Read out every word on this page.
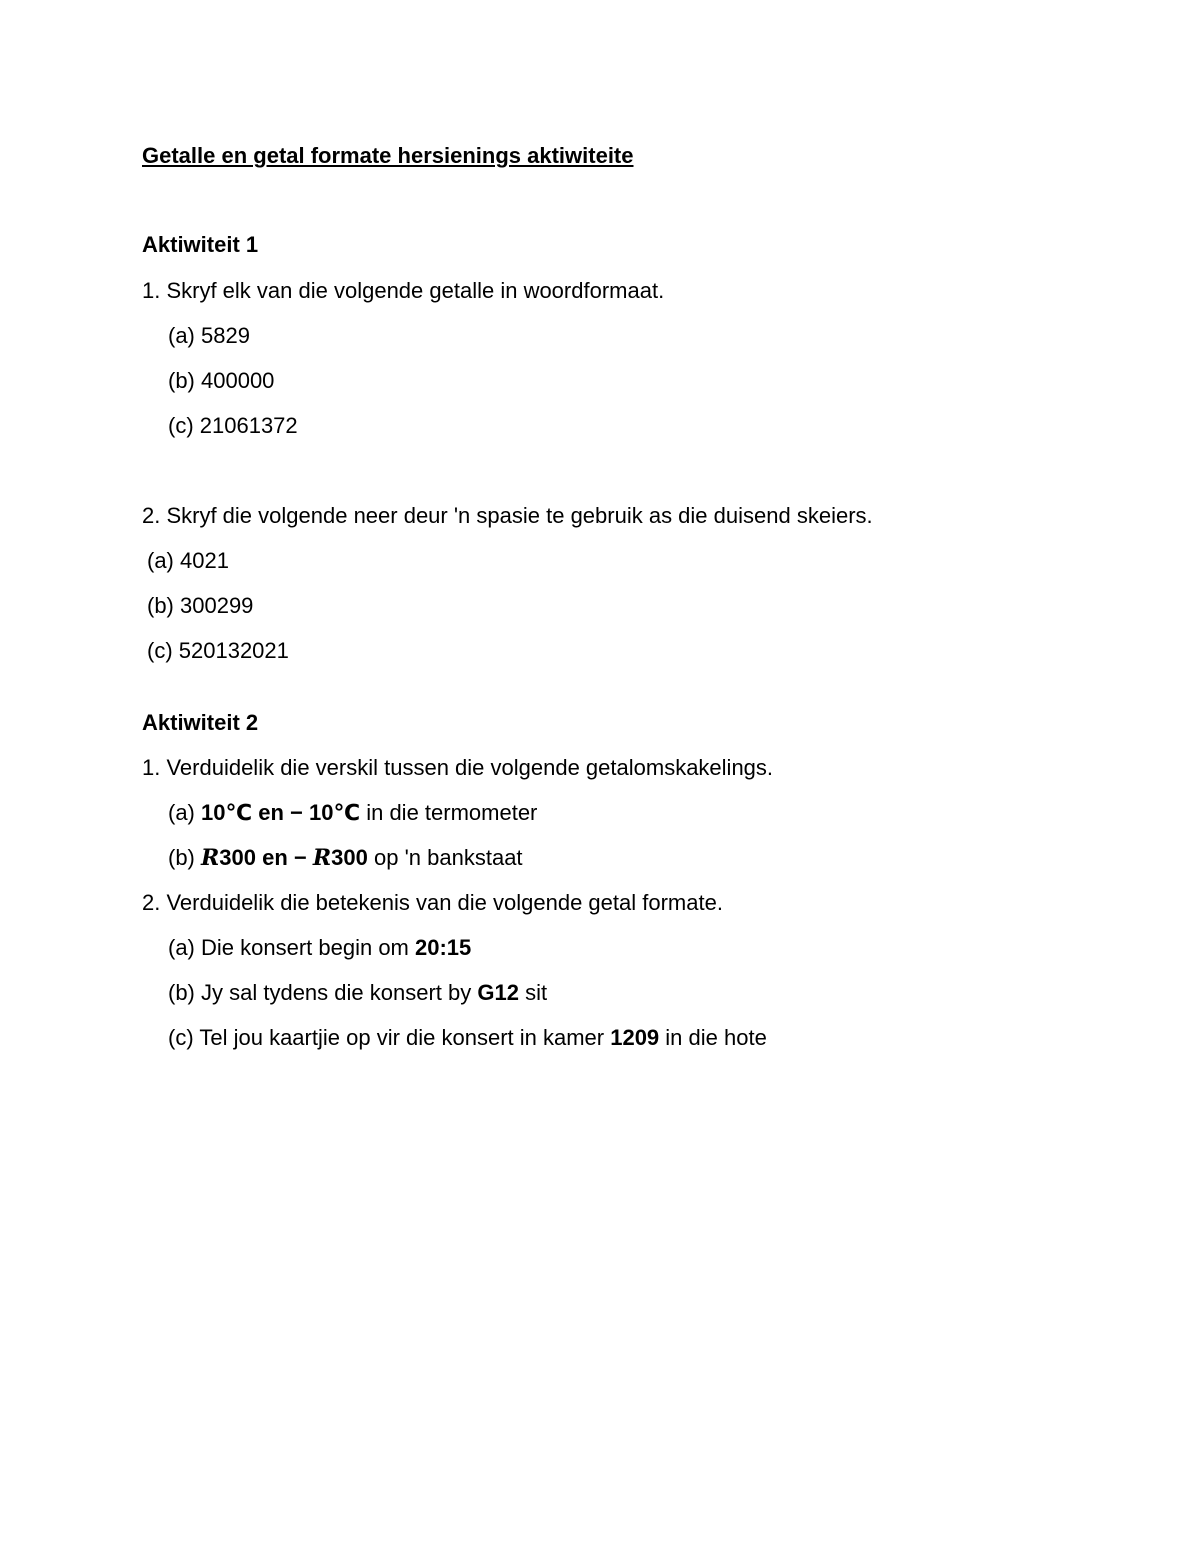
Getalle en getal formate hersienings aktiwiteite
Aktiwiteit 1
1. Skryf elk van die volgende getalle in woordformaat.
(a) 5829
(b) 400000
(c) 21061372
2. Skryf die volgende neer deur 'n spasie te gebruik as die duisend skeiers.
(a) 4021
(b) 300299
(c) 520132021
Aktiwiteit 2
1. Verduidelik die verskil tussen die volgende getalomskakelings.
(a) 10℃ en − 10℃ in die termometer
(b) R300 en − R300 op 'n bankstaat
2. Verduidelik die betekenis van die volgende getal formate.
(a) Die konsert begin om 20:15
(b) Jy sal tydens die konsert by G12 sit
(c) Tel jou kaartjie op vir die konsert in kamer 1209 in die hote
